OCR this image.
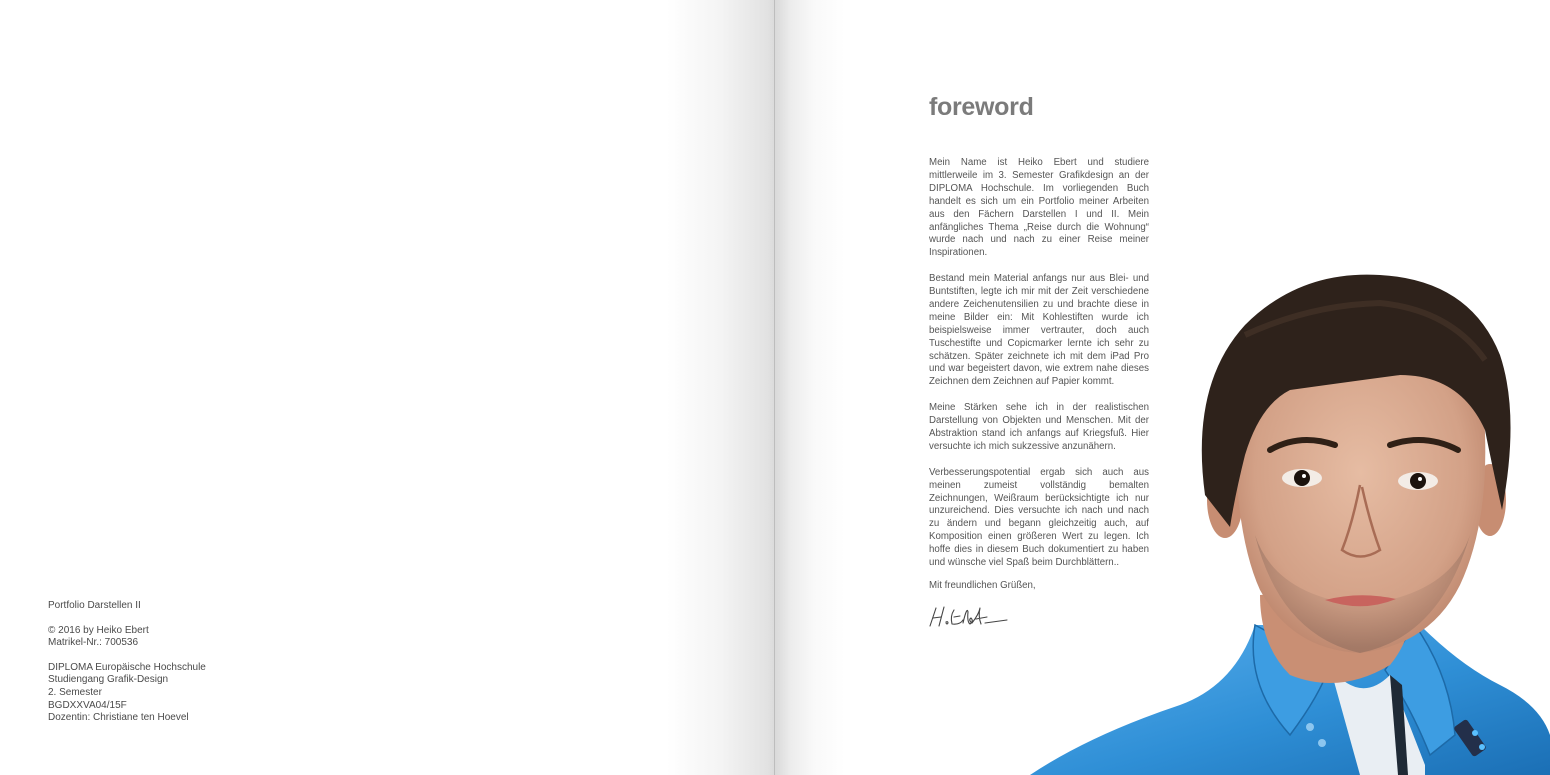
Portfolio Darstellen II
© 2016 by Heiko Ebert
Matrikel-Nr.: 700536
DIPLOMA Europäische Hochschule
Studiengang Grafik-Design
2. Semester
BGDXXVA04/15F
Dozentin: Christiane ten Hoevel
foreword

Mein Name ist Heiko Ebert und studiere mittlerweile im 3. Semester Grafikdesign an der DIPLOMA Hochschule. Im vorliegenden Buch handelt es sich um ein Portfolio meiner Arbeiten aus den Fächern Darstellen I und II. Mein anfängliches Thema „Reise durch die Wohnung“ wurde nach und nach zu einer Reise meiner Inspirationen.

Bestand mein Material anfangs nur aus Blei- und Buntstiften, legte ich mir mit der Zeit verschiedene andere Zeichenutensilien zu und brachte diese in meine Bilder ein: Mit Kohlestiften wurde ich beispielsweise immer vertrauter, doch auch Tuschestifte und Copicmarker lernte ich sehr zu schätzen. Später zeichnete ich mit dem iPad Pro und war begeistert davon, wie extrem nahe dieses Zeichnen dem Zeichnen auf Papier kommt.

Meine Stärken sehe ich in der realistischen Darstellung von Objekten und Menschen. Mit der Abstraktion stand ich anfangs auf Kriegsfuß. Hier versuchte ich mich sukzessive anzunähern.

Verbesserungspotential ergab sich auch aus meinen zumeist vollständig bemalten Zeichnungen, Weißraum berücksichtigte ich nur unzureichend. Dies versuchte ich nach und nach zu ändern und begann gleichzeitig auch, auf Komposition einen größeren Wert zu legen. Ich hoffe dies in diesem Buch dokumentiert zu haben und wünsche viel Spaß beim Durchblättern..

Mit freundlichen Grüßen,
